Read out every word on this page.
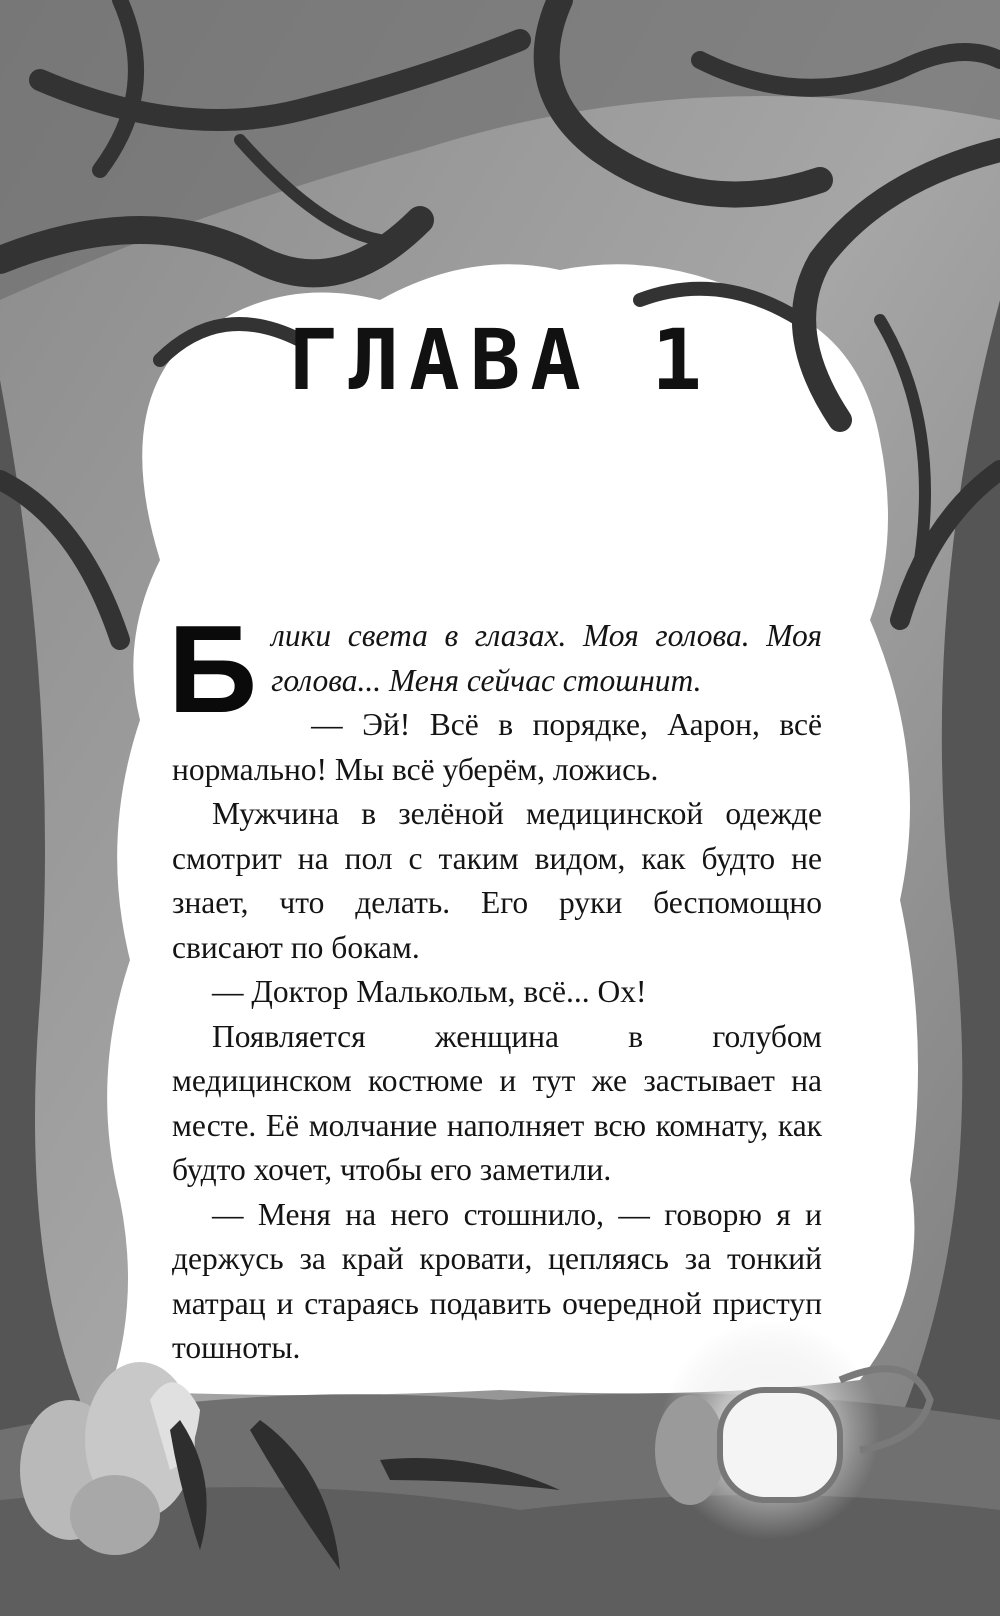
ГЛАВА 1

Блики света в глазах. Моя голова. Моя голова... Меня сейчас стошнит.

— Эй! Всё в порядке, Аарон, всё нормально! Мы всё уберём, ложись.

Мужчина в зелёной медицинской одежде смотрит на пол с таким видом, как будто не знает, что делать. Его руки беспомощно свисают по бокам.

— Доктор Малькольм, всё... Ох!

Появляется женщина в голубом медицинском костюме и тут же застывает на месте. Её молчание наполняет всю комнату, как будто хочет, чтобы его заметили.

— Меня на него стошнило, — говорю я и держусь за край кровати, цепляясь за тонкий матрац и стараясь подавить очередной приступ тошноты.
